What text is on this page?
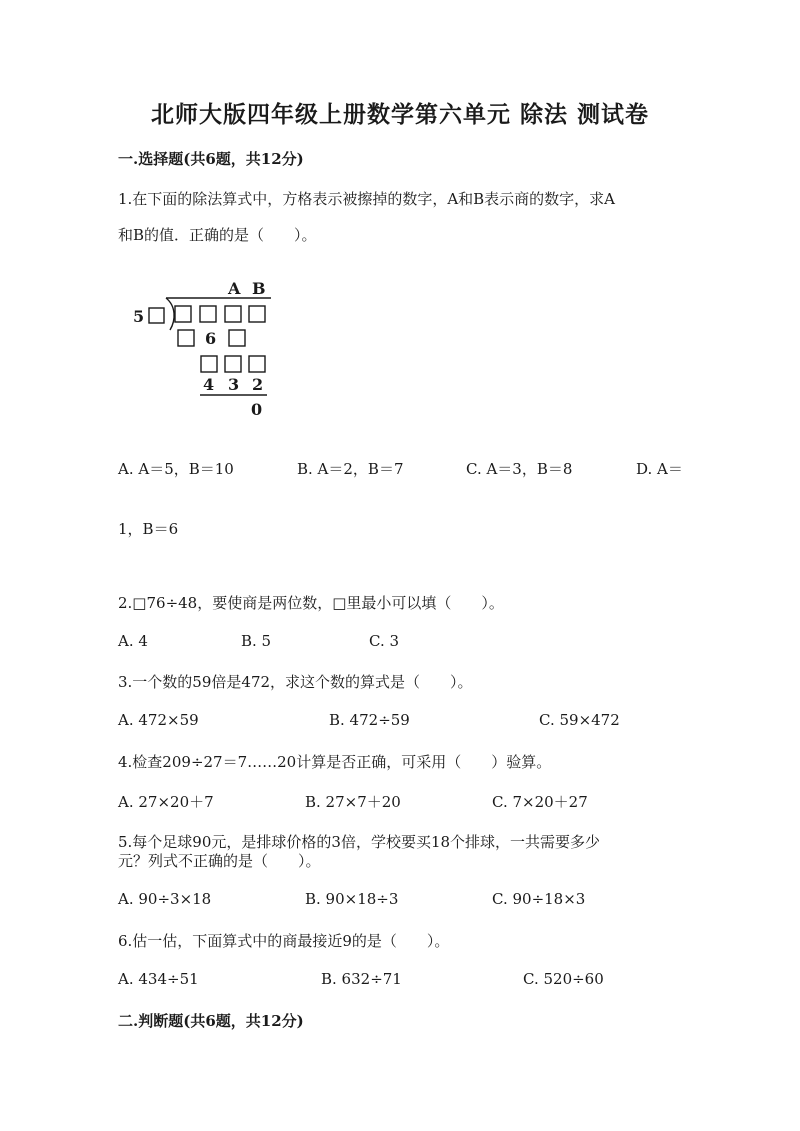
北师大版四年级上册数学第六单元 除法 测试卷
一.选择题(共6题，共12分)
1.在下面的除法算式中，方格表示被擦掉的数字，A和B表示商的数字，求A
和B的值．正确的是（　　）。
A B
5
6
4 3 2
0
A. A＝5，B＝10	B. A＝2，B＝7	C. A＝3，B＝8	D. A＝
1，B＝6
2.□76÷48，要使商是两位数，□里最小可以填（　　）。
A. 4	B. 5	C. 3
3.一个数的59倍是472，求这个数的算式是（　　）。
A. 472×59	B. 472÷59	C. 59×472
4.检查209÷27＝7……20计算是否正确，可采用（　　）验算。
A. 27×20＋7	B. 27×7＋20	C. 7×20＋27
5.每个足球90元，是排球价格的3倍，学校要买18个排球，一共需要多少
元？列式不正确的是（　　）。
A. 90÷3×18	B. 90×18÷3	C. 90÷18×3
6.估一估，下面算式中的商最接近9的是（　　）。
A. 434÷51	B. 632÷71	C. 520÷60
二.判断题(共6题，共12分)
